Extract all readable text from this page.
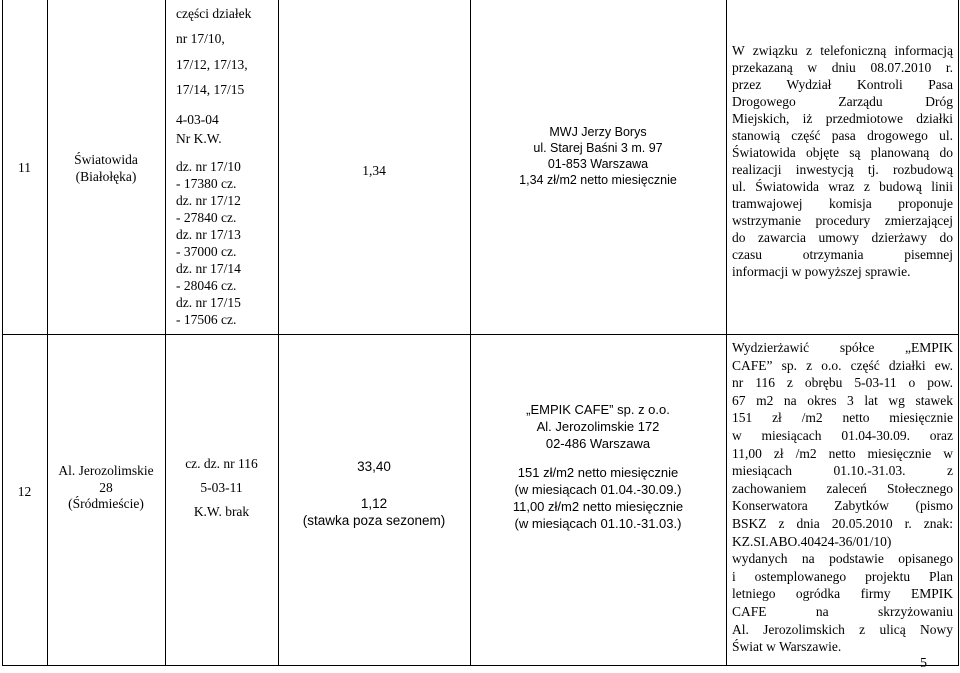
11
Światowida
(Białołęka)
części działek
nr 17/10,
17/12, 17/13,
17/14, 17/15
4-03-04
Nr K.W.
dz. nr 17/10
- 17380 cz.
dz. nr 17/12
- 27840 cz.
dz. nr 17/13
- 37000 cz.
dz. nr 17/14
- 28046 cz.
dz. nr 17/15
- 17506 cz.
1,34
MWJ Jerzy Borys
ul. Starej Baśni 3 m. 97
01-853 Warszawa
1,34 zł/m2 netto miesięcznie
W związku z telefoniczną informacją
przekazaną w dniu 08.07.2010 r.
przez Wydział Kontroli Pasa
Drogowego Zarządu Dróg
Miejskich, iż przedmiotowe działki
stanowią część pasa drogowego ul.
Światowida objęte są planowaną do
realizacji inwestycją tj. rozbudową
ul. Światowida wraz z budową linii
tramwajowej komisja proponuje
wstrzymanie procedury zmierzającej
do zawarcia umowy dzierżawy do
czasu otrzymania pisemnej
informacji w powyższej sprawie.
12
Al. Jerozolimskie
28
(Śródmieście)
cz. dz. nr 116
5-03-11
K.W. brak
33,40
1,12
(stawka poza sezonem)
„EMPIK CAFE” sp. z o.o.
Al. Jerozolimskie 172
02-486 Warszawa
151 zł/m2 netto miesięcznie
(w miesiącach 01.04.-30.09.)
11,00 zł/m2 netto miesięcznie
(w miesiącach 01.10.-31.03.)
Wydzierżawić spółce „EMPIK
CAFE” sp. z o.o. część działki ew.
nr 116 z obrębu 5-03-11 o pow.
67 m2 na okres 3 lat wg stawek
151 zł /m2 netto miesięcznie
w miesiącach 01.04-30.09. oraz
11,00 zł /m2 netto miesięcznie w
miesiącach 01.10.-31.03. z
zachowaniem zaleceń Stołecznego
Konserwatora Zabytków (pismo
BSKZ z dnia 20.05.2010 r. znak:
KZ.SI.ABO.40424-36/01/10)
wydanych na podstawie opisanego
i ostemplowanego projektu Plan
letniego ogródka firmy EMPIK
CAFE na skrzyżowaniu
Al. Jerozolimskich z ulicą Nowy
Świat w Warszawie.
5
